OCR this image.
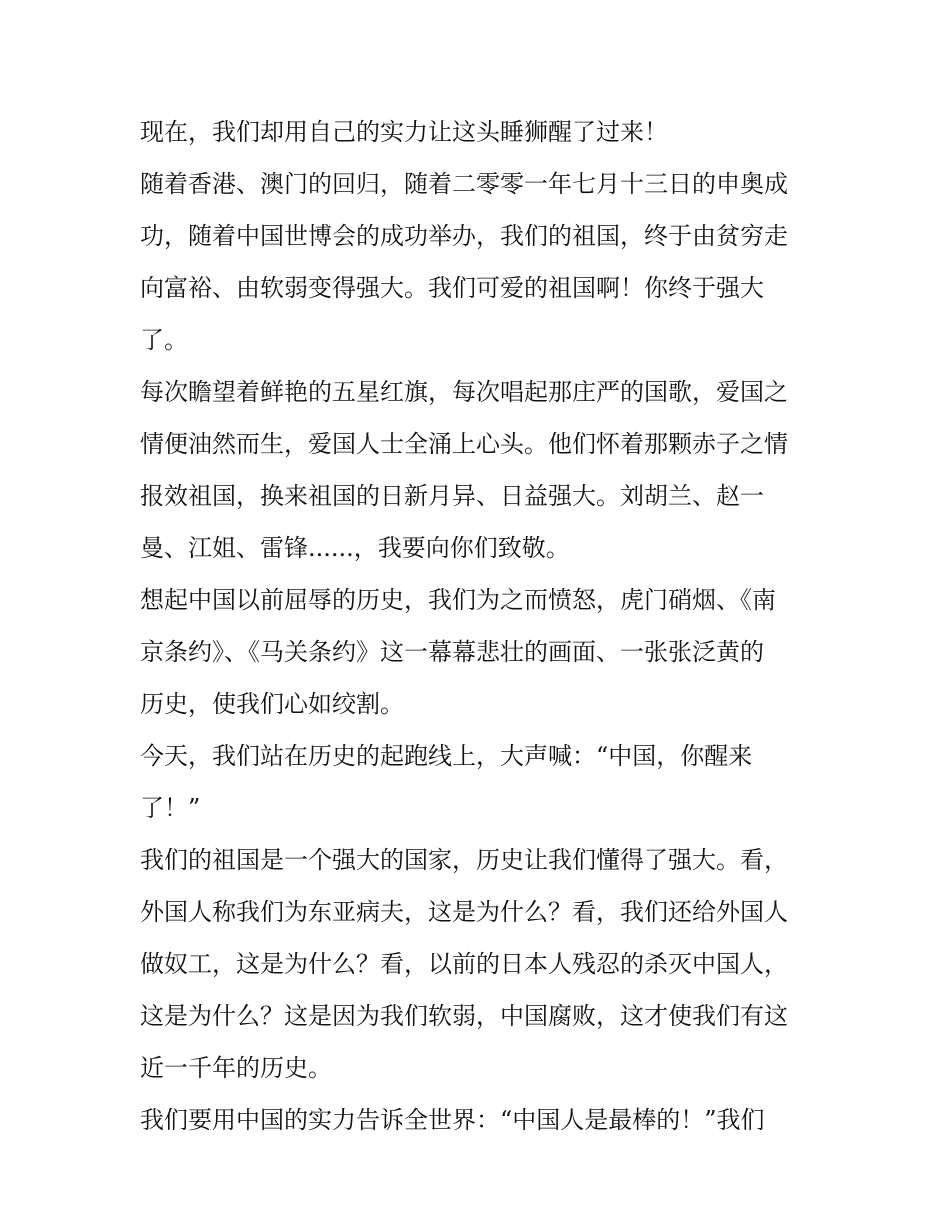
现在，我们却用自己的实力让这头睡狮醒了过来！
随着香港、澳门的回归，随着二零零一年七月十三日的申奥成
功，随着中国世博会的成功举办，我们的祖国，终于由贫穷走
向富裕、由软弱变得强大。我们可爱的祖国啊！你终于强大
了。
每次瞻望着鲜艳的五星红旗，每次唱起那庄严的国歌，爱国之
情便油然而生，爱国人士全涌上心头。他们怀着那颗赤子之情
报效祖国，换来祖国的日新月异、日益强大。刘胡兰、赵一
曼、江姐、雷锋......，我要向你们致敬。
想起中国以前屈辱的历史，我们为之而愤怒，虎门硝烟、《南
京条约》、《马关条约》这一幕幕悲壮的画面、一张张泛黄的
历史，使我们心如绞割。
今天，我们站在历史的起跑线上，大声喊：“中国，你醒来
了！”
我们的祖国是一个强大的国家，历史让我们懂得了强大。看，
外国人称我们为东亚病夫，这是为什么？看，我们还给外国人
做奴工，这是为什么？看，以前的日本人残忍的杀灭中国人，
这是为什么？这是因为我们软弱，中国腐败，这才使我们有这
近一千年的历史。
我们要用中国的实力告诉全世界：“中国人是最棒的！”我们
